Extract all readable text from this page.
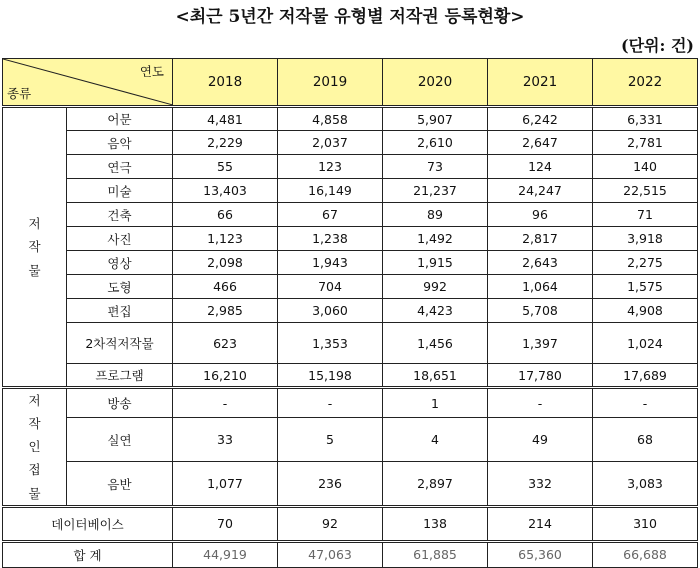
<최근 5년간 저작물 유형별 저작권 등록현황>
(단위: 건)
연도
종류		2018	2019	2020	2021	2022
저
작
물	어문	4,481	4,858	5,907	6,242	6,331
	음악	2,229	2,037	2,610	2,647	2,781
	연극	55	123	73	124	140
	미술	13,403	16,149	21,237	24,247	22,515
	건축	66	67	89	96	71
	사진	1,123	1,238	1,492	2,817	3,918
	영상	2,098	1,943	1,915	2,643	2,275
	도형	466	704	992	1,064	1,575
	편집	2,985	3,060	4,423	5,708	4,908
	2차적저작물	623	1,353	1,456	1,397	1,024
	프로그램	16,210	15,198	18,651	17,780	17,689
저
작
인
접
물	방송	-	-	1	-	-
	실연	33	5	4	49	68
	음반	1,077	236	2,897	332	3,083
데이터베이스		70	92	138	214	310
합 계		44,919	47,063	61,885	65,360	66,688
